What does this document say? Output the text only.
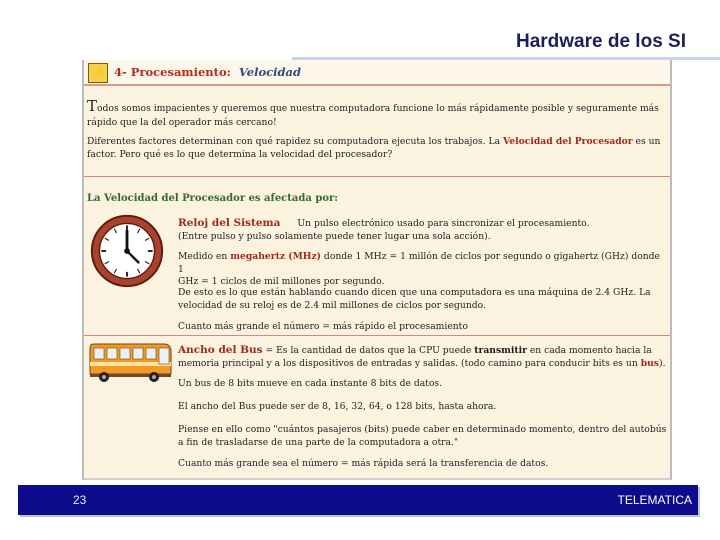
Hardware de los SI
⚡ 4- Procesamiento: Velocidad
Todos somos impacientes y queremos que nuestra computadora funcione lo más rápidamente posible y seguramente más
rápido que la del operador más cercano!
Diferentes factores determinan con qué rapidez su computadora ejecuta los trabajos. La Velocidad del Procesador es un
factor. Pero qué es lo que determina la velocidad del procesador?
La Velocidad del Procesador es afectada por:
Reloj del Sistema Un pulso electrónico usado para sincronizar el procesamiento.
(Entre pulso y pulso solamente puede tener lugar una sola acción).
Medido en megahertz (MHz) donde 1 MHz = 1 millón de ciclos por segundo o gigahertz (GHz) donde 1
GHz = 1 ciclos de mil millones por segundo.
De esto es lo que están hablando cuando dicen que una computadora es una máquina de 2.4 GHz. La
velocidad de su reloj es de 2.4 mil millones de ciclos por segundo.
Cuanto más grande el número = más rápido el procesamiento
Ancho del Bus = Es la cantidad de datos que la CPU puede transmitir en cada momento hacia la
memoria principal y a los dispositivos de entradas y salidas. (todo camino para conducir bits es un bus).
Un bus de 8 bits mueve en cada instante 8 bits de datos.
El ancho del Bus puede ser de 8, 16, 32, 64, o 128 bits, hasta ahora.
Piense en ello como "cuántos pasajeros (bits) puede caber en determinado momento, dentro del autobús
a fin de trasladarse de una parte de la computadora a otra."
Cuanto más grande sea el número = más rápida será la transferencia de datos.
23	TELEMATICA
